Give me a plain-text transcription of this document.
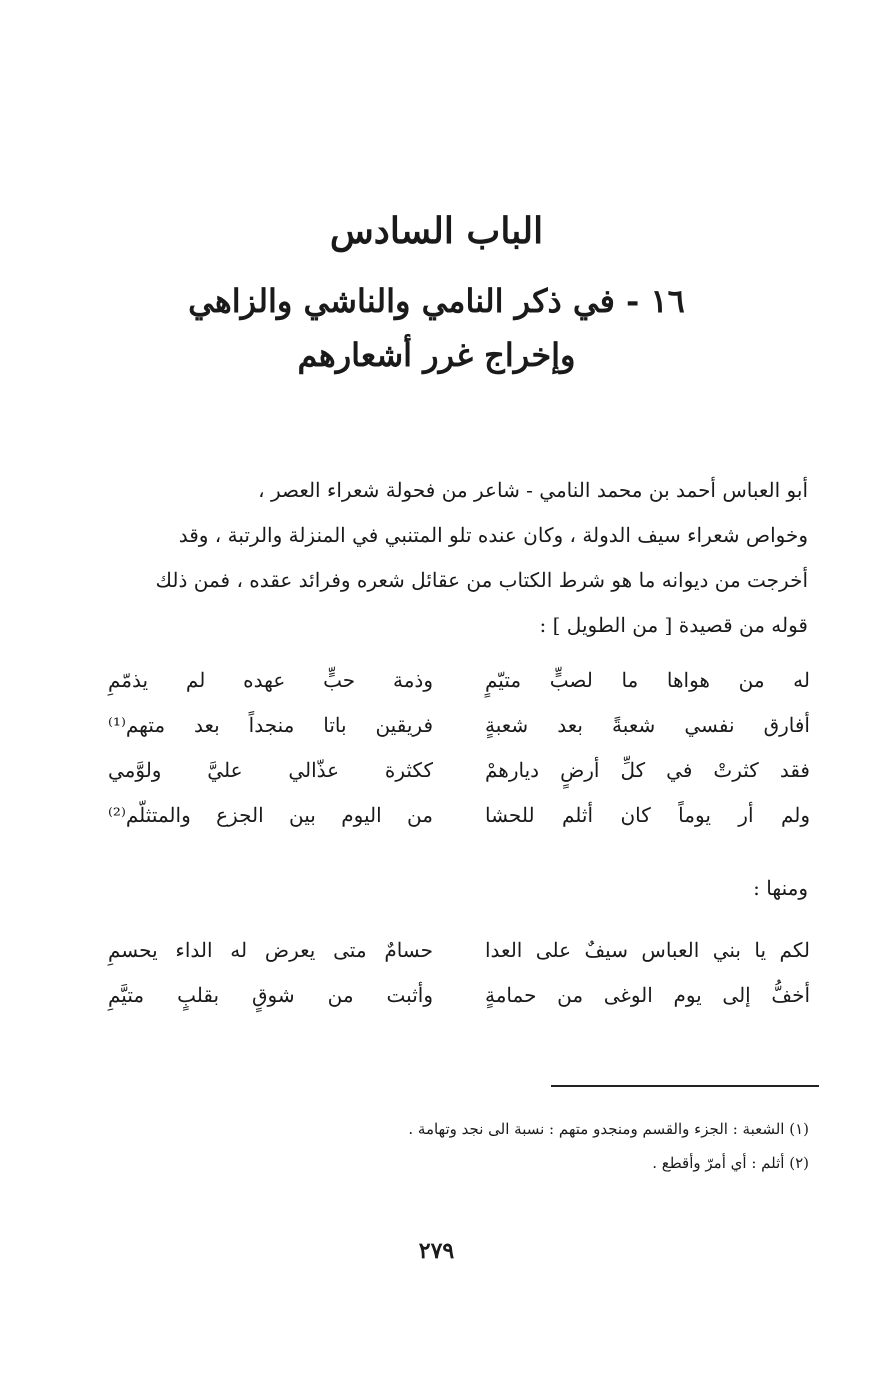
الباب السادس
١٦ - في ذكر النامي والناشي والزاهي
وإخراج غرر أشعارهم

أبو العباس أحمد بن محمد النامي - شاعر من فحولة شعراء العصر ،

وخواص شعراء سيف الدولة ، وكان عنده تلو المتنبي في المنزلة والرتبة ، وقد

أخرجت من ديوانه ما هو شرط الكتاب من عقائل شعره وفرائد عقده ، فمن ذلك

قوله من قصيدة [ من الطويل ] :

له من هواها ما لصبٍّ متيّمٍ
وذمة حبٍّ عهده لم يذمّمِ
أفارق نفسي شعبةً بعد شعبةٍ
فريقين باتا منجداً بعد متهم⁽¹⁾
فقد كثرتْ في كلِّ أرضٍ ديارهمْ
ككثرة عذّالي عليَّ ولوَّمي
ولم أر يوماً كان أثلم للحشا
من اليوم بين الجزع والمتثلّم⁽²⁾
ومنها :
لكم يا بني العباس سيفٌ على العدا
حسامٌ متى يعرض له الداء يحسمِ
أخفُّ إلى يوم الوغى من حمامةٍ
وأثبت من شوقٍ بقلبٍ متيَّمِ
(١) الشعبة : الجزء والقسم ومنجدو متهم : نسبة الى نجد وتهامة .
(٢) أثلم : أي أمرّ وأقطع .
٢٧٩
